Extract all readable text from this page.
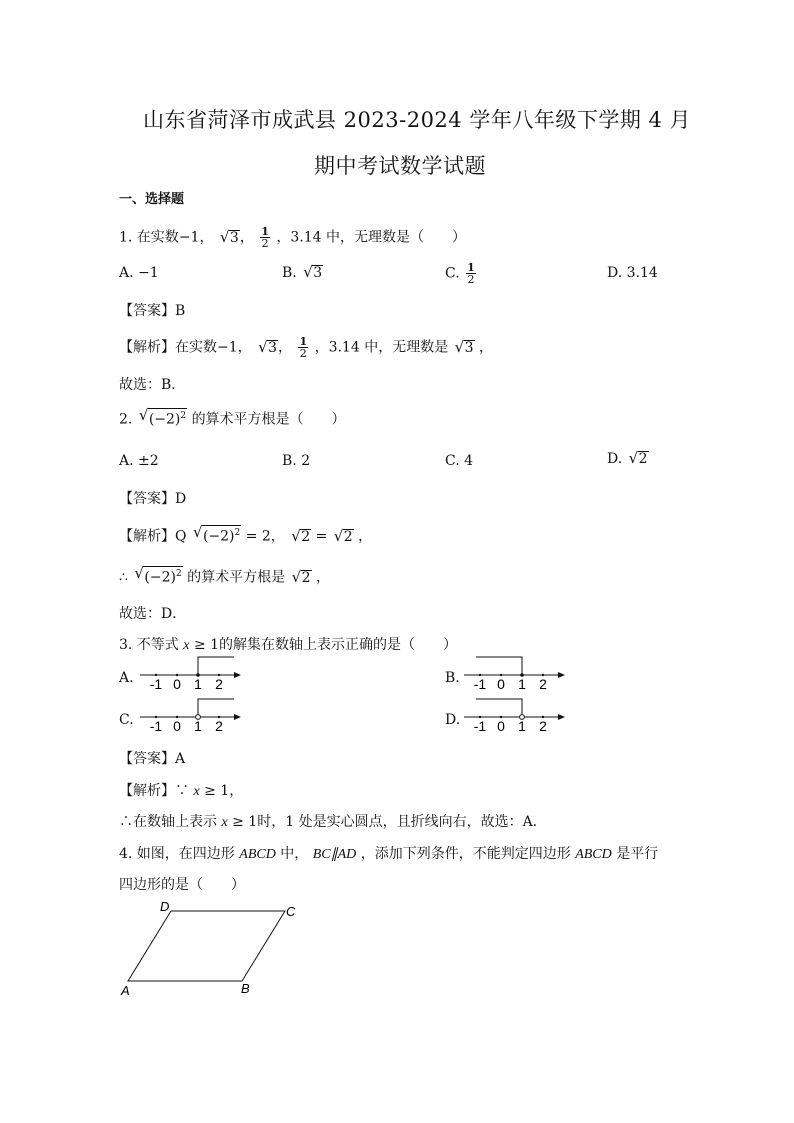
山东省菏泽市成武县 2023-2024 学年八年级下学期 4 月
期中考试数学试题
一、选择题
1. 在实数−1， √ 3， $\frac{1}{2}$ ，3.14 中，无理数是（　　）
A. −1	B. √ 3	C. $\frac{1}{2}$	D. 3.14
【答案】B
【解析】在实数−1， √ 3， $\frac{1}{2}$ ，3.14 中，无理数是 √ 3 ，
故选：B．
2. √ $(-2)^2$ 的算术平方根是（　　）
A. ±2	B. 2	C. 4	D. √ 2
【答案】D
【解析】Q √ $(-2)^2 = 2$， √ 2 = √ 2 ，
∴ √ $(-2)^2$ 的算术平方根是 √ 2 ，
故选：D．
3. 不等式 x ≥ 1的解集在数轴上表示正确的是（　　）
A.	B.
C.	D.
-1 0 1 2	-1 0 1 2
-1 0 1 2	-1 0 1 2
【答案】A
【解析】∵ x ≥ 1，
∴在数轴上表示 x ≥ 1时，1 处是实心圆点，且折线向右，故选：A．
4. 如图，在四边形 ABCD 中， BC∥AD ，添加下列条件，不能判定四边形 ABCD 是平行
四边形的是（　　）
D	C
A	B
